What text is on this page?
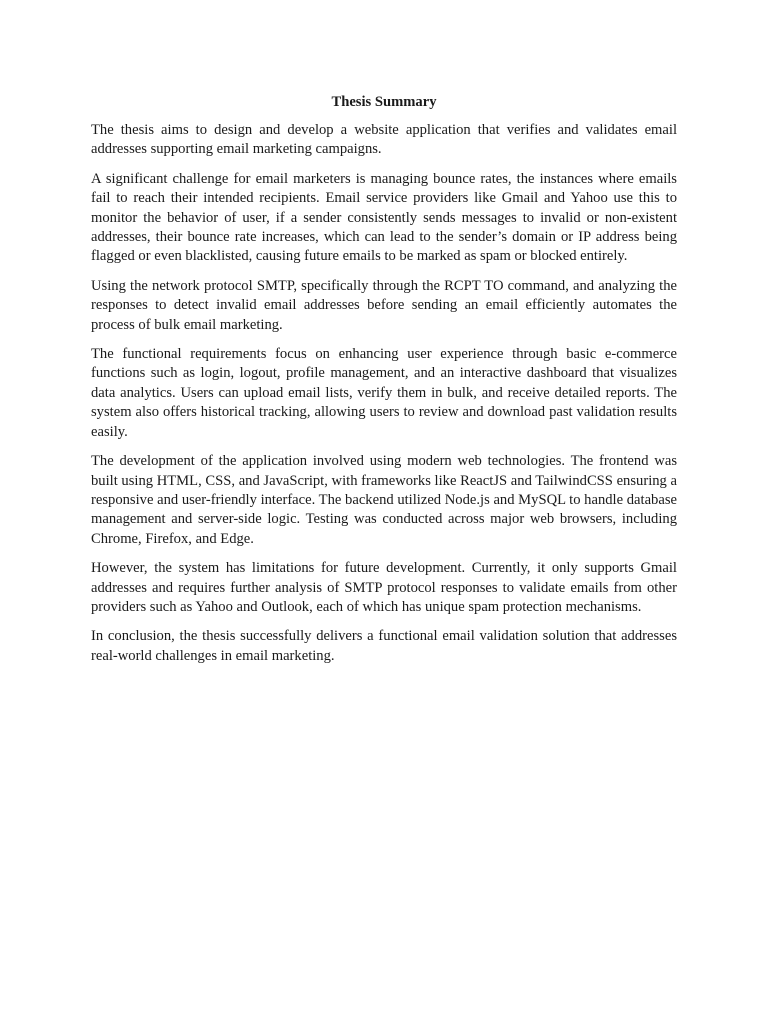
Thesis Summary

The thesis aims to design and develop a website application that verifies and validates email addresses supporting email marketing campaigns.

A significant challenge for email marketers is managing bounce rates, the instances where emails fail to reach their intended recipients. Email service providers like Gmail and Yahoo use this to monitor the behavior of user, if a sender consistently sends messages to invalid or non-existent addresses, their bounce rate increases, which can lead to the sender’s domain or IP address being flagged or even blacklisted, causing future emails to be marked as spam or blocked entirely.

Using the network protocol SMTP, specifically through the RCPT TO command, and analyzing the responses to detect invalid email addresses before sending an email efficiently automates the process of bulk email marketing.

The functional requirements focus on enhancing user experience through basic e-commerce functions such as login, logout, profile management, and an interactive dashboard that visualizes data analytics. Users can upload email lists, verify them in bulk, and receive detailed reports. The system also offers historical tracking, allowing users to review and download past validation results easily.

The development of the application involved using modern web technologies. The frontend was built using HTML, CSS, and JavaScript, with frameworks like ReactJS and TailwindCSS ensuring a responsive and user-friendly interface. The backend utilized Node.js and MySQL to handle database management and server-side logic. Testing was conducted across major web browsers, including Chrome, Firefox, and Edge.

However, the system has limitations for future development. Currently, it only supports Gmail addresses and requires further analysis of SMTP protocol responses to validate emails from other providers such as Yahoo and Outlook, each of which has unique spam protection mechanisms.

In conclusion, the thesis successfully delivers a functional email validation solution that addresses real-world challenges in email marketing.
